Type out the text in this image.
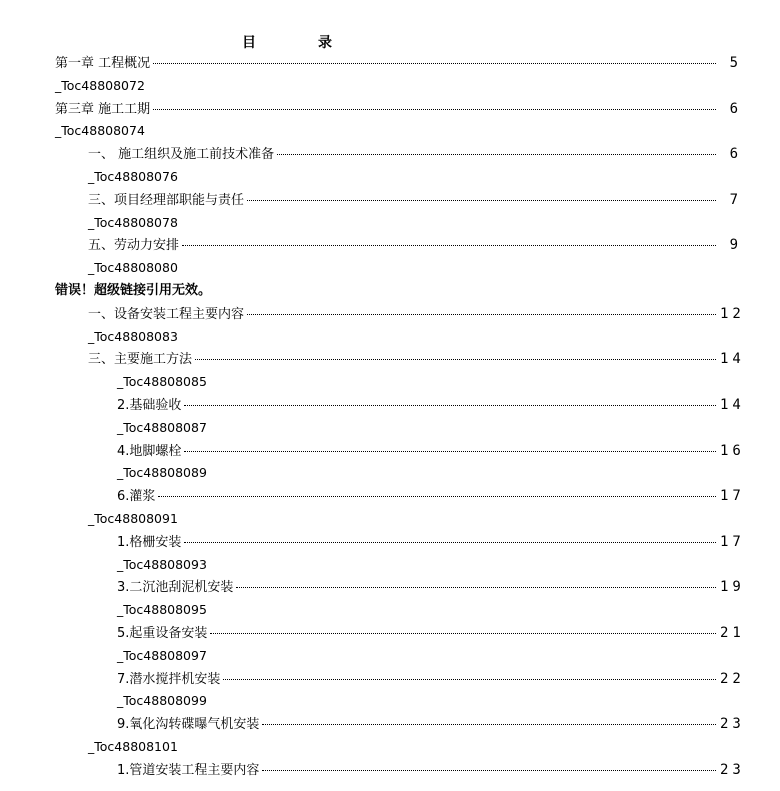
目	录
第一章 工程概况	5
_Toc48808072
第三章 施工工期	6
_Toc48808074
一、 施工组织及施工前技术准备	6
_Toc48808076
三、项目经理部职能与责任	7
_Toc48808078
五、劳动力安排	9
_Toc48808080
错误！超级链接引用无效。
一、设备安装工程主要内容	12
_Toc48808083
三、主要施工方法	14
_Toc48808085
2.基础验收	14
_Toc48808087
4.地脚螺栓	16
_Toc48808089
6.灌浆	17
_Toc48808091
1.格栅安装	17
_Toc48808093
3.二沉池刮泥机安装	19
_Toc48808095
5.起重设备安装	21
_Toc48808097
7.潜水搅拌机安装	22
_Toc48808099
9.氧化沟转碟曝气机安装	23
_Toc48808101
1.管道安装工程主要内容	23
